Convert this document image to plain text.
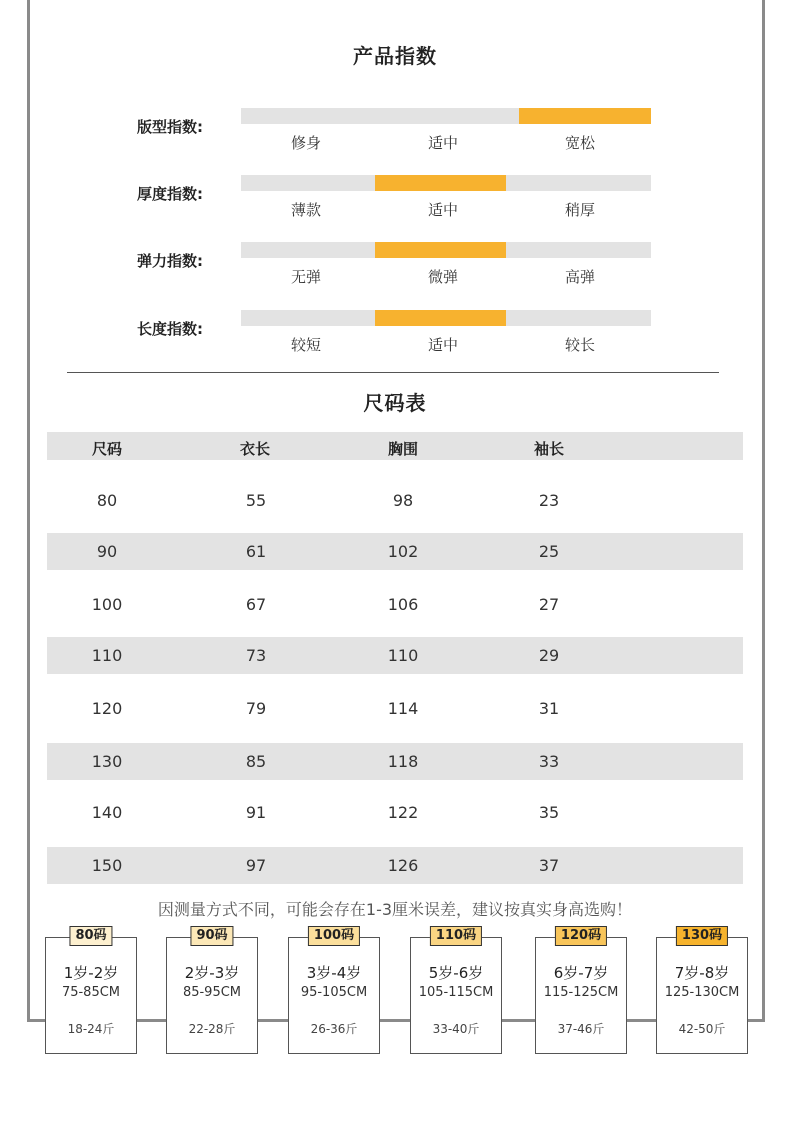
产品指数
版型指数:
修身	适中	宽松
厚度指数:
薄款	适中	稍厚
弹力指数:
无弹	微弹	高弹
长度指数:
较短	适中	较长
尺码表
尺码	衣长	胸围	袖长
80	55	98	23
90	61	102	25
100	67	106	27
110	73	110	29
120	79	114	31
130	85	118	33
140	91	122	35
150	97	126	37
因测量方式不同，可能会存在1-3厘米误差，建议按真实身高选购！
80码
1岁-2岁
75-85CM
18-24斤
90码
2岁-3岁
85-95CM
22-28斤
100码
3岁-4岁
95-105CM
26-36斤
110码
5岁-6岁
105-115CM
33-40斤
120码
6岁-7岁
115-125CM
37-46斤
130码
7岁-8岁
125-130CM
42-50斤
